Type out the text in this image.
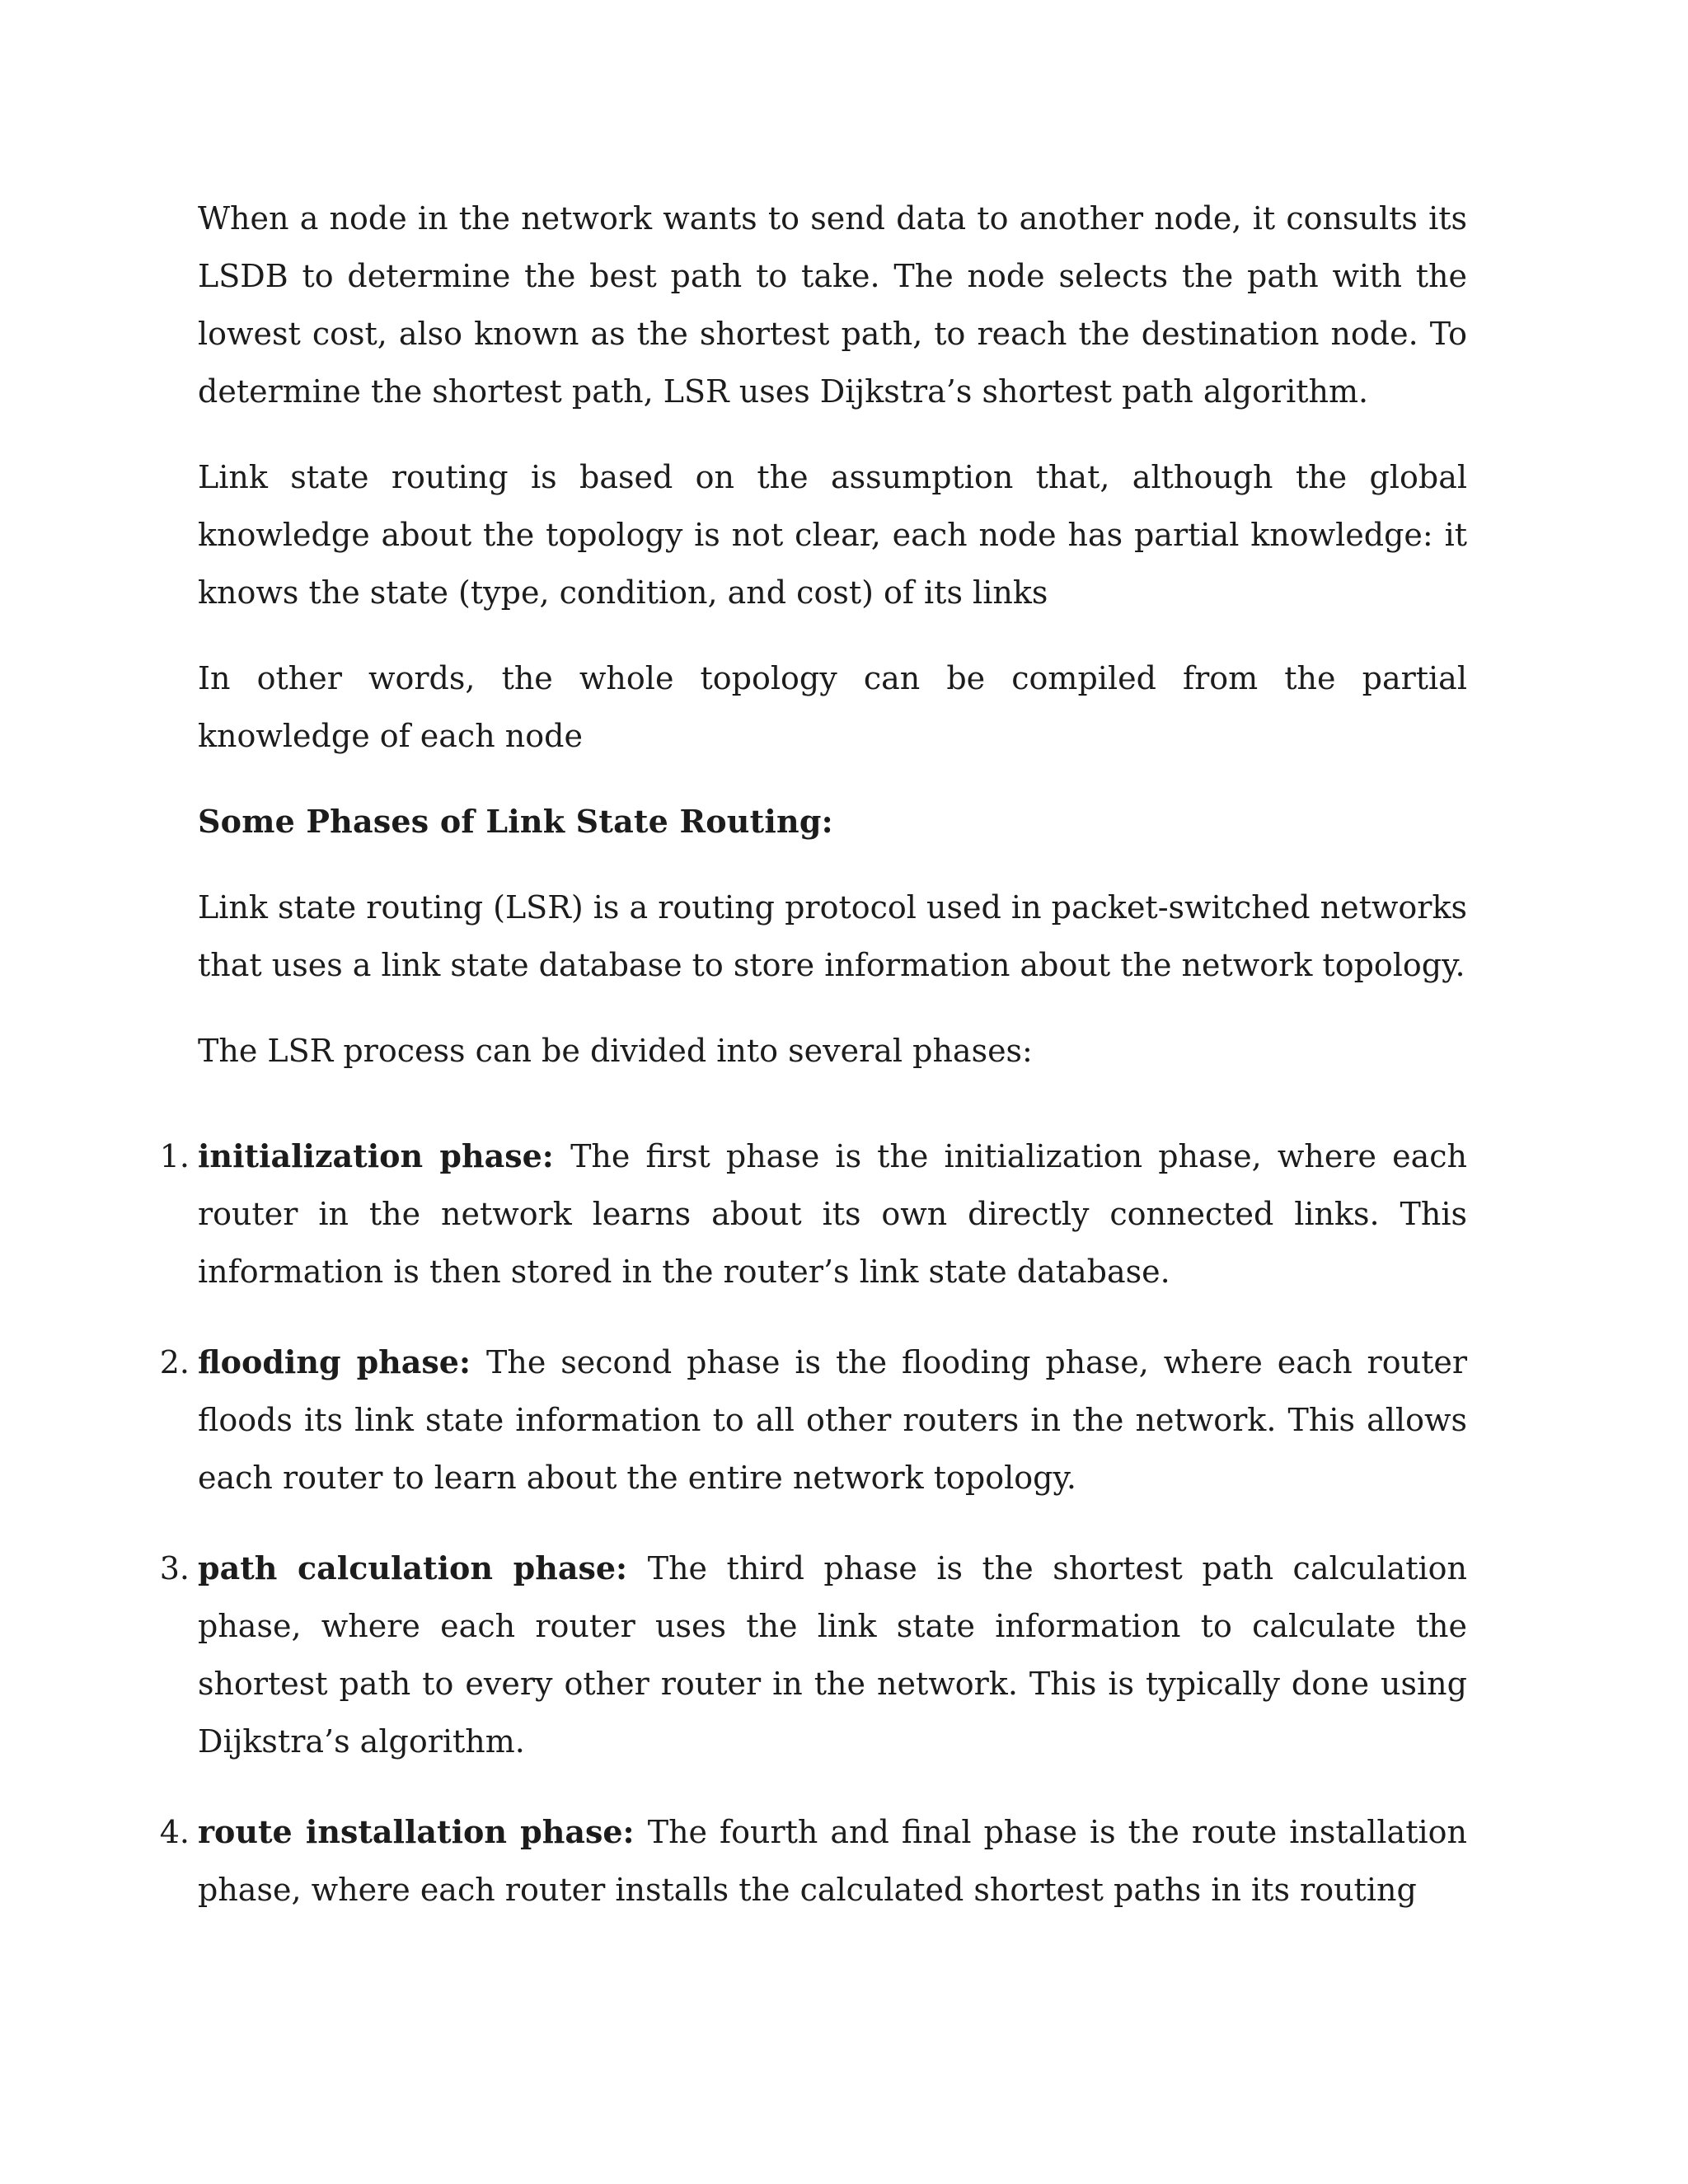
When a node in the network wants to send data to another node, it consults its LSDB to determine the best path to take. The node selects the path with the lowest cost, also known as the shortest path, to reach the destination node. To determine the shortest path, LSR uses Dijkstra’s shortest path algorithm.

Link state routing is based on the assumption that, although the global knowledge about the topology is not clear, each node has partial knowledge: it knows the state (type, condition, and cost) of its links

In other words, the whole topology can be compiled from the partial knowledge of each node

Some Phases of Link State Routing:

Link state routing (LSR) is a routing protocol used in packet-switched networks that uses a link state database to store information about the network topology.

The LSR process can be divided into several phases:

1. initialization phase: The first phase is the initialization phase, where each router in the network learns about its own directly connected links. This information is then stored in the router’s link state database.
2. flooding phase: The second phase is the flooding phase, where each router floods its link state information to all other routers in the network. This allows each router to learn about the entire network topology.
3. path calculation phase: The third phase is the shortest path calculation phase, where each router uses the link state information to calculate the shortest path to every other router in the network. This is typically done using Dijkstra’s algorithm.
4. route installation phase: The fourth and final phase is the route installation phase, where each router installs the calculated shortest paths in its routing
